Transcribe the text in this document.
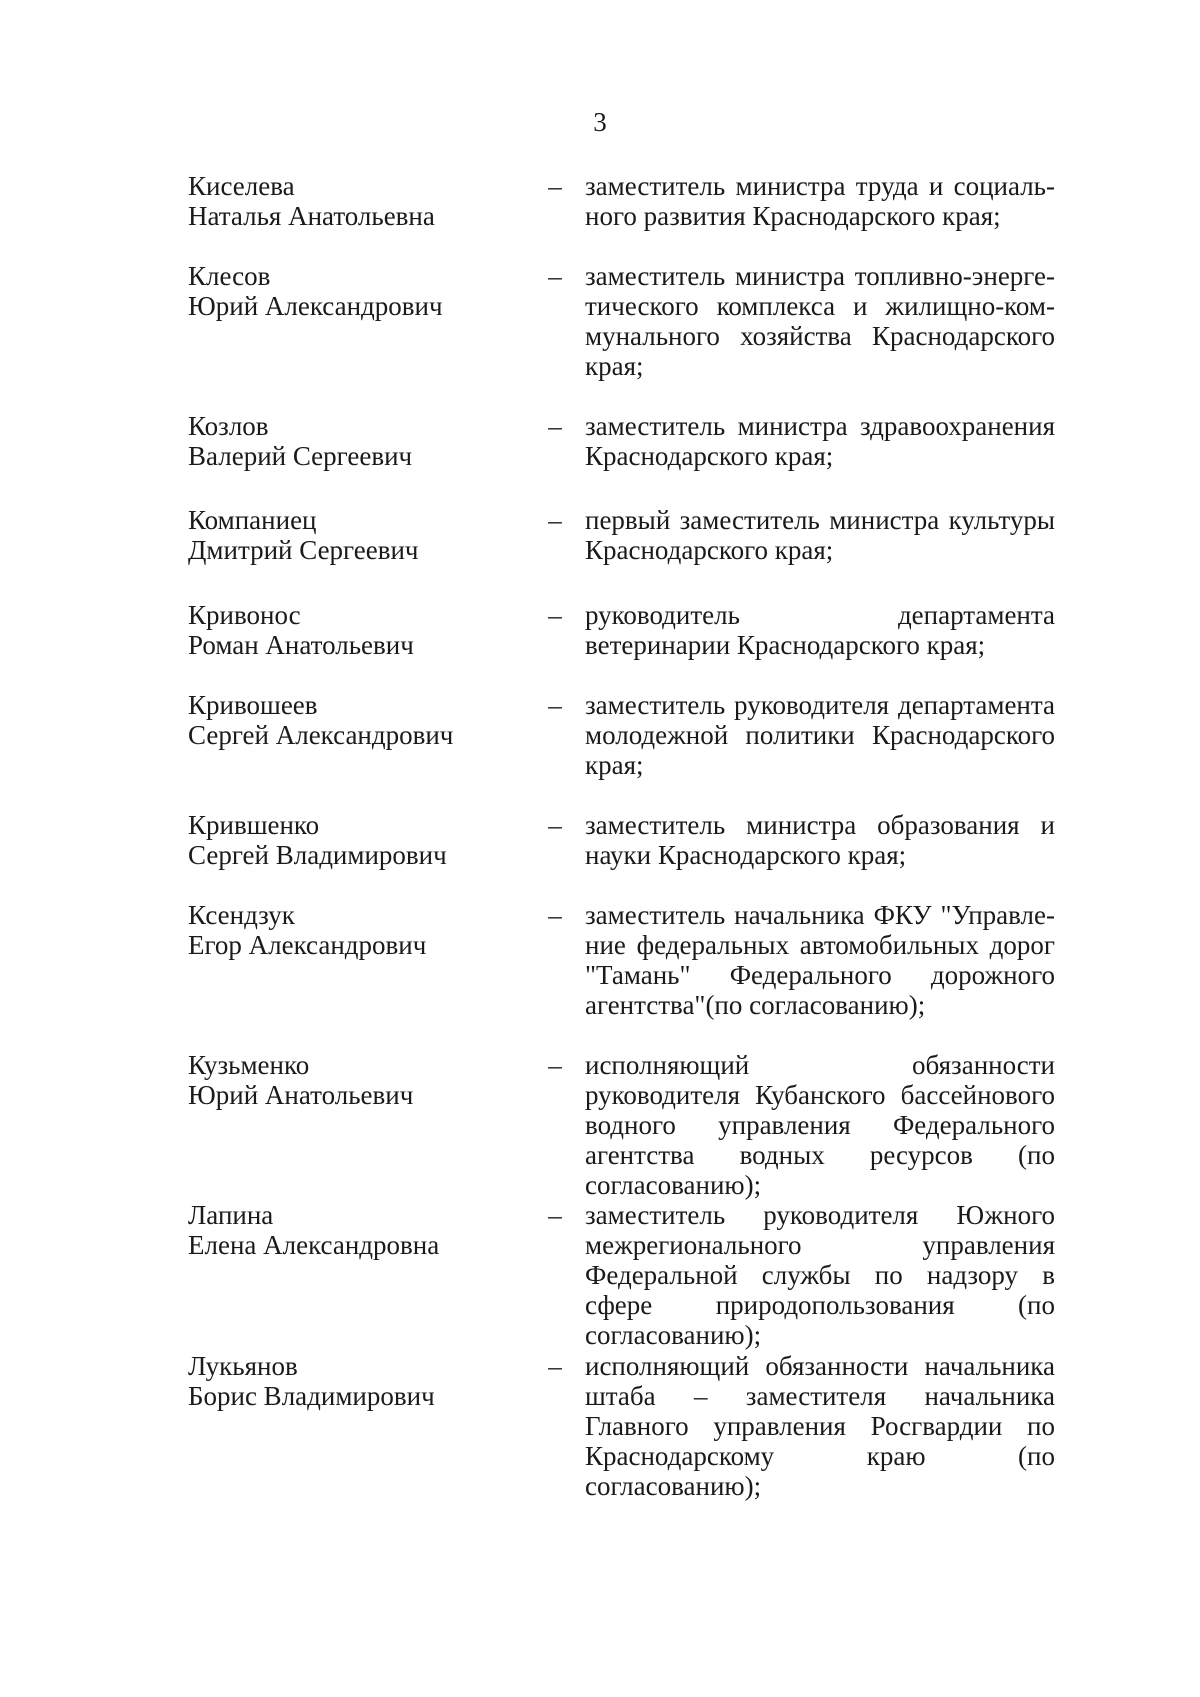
3
Киселева
Наталья Анатольевна
– заместитель министра труда и социального развития Краснодарского края;
Клесов
Юрий Александрович
– заместитель министра топливно-энергетического комплекса и жилищно-коммунального хозяйства Краснодарского края;
Козлов
Валерий Сергеевич
– заместитель министра здравоохранения Краснодарского края;
Компаниец
Дмитрий Сергеевич
– первый заместитель министра культуры Краснодарского края;
Кривонос
Роман Анатольевич
– руководитель департамента ветеринарии Краснодарского края;
Кривошеев
Сергей Александрович
– заместитель руководителя департамента молодежной политики Краснодарского края;
Крившенко
Сергей Владимирович
– заместитель министра образования и науки Краснодарского края;
Ксендзук
Егор Александрович
– заместитель начальника ФКУ "Управление федеральных автомобильных дорог "Тамань" Федерального дорожного агентства"(по согласованию);
Кузьменко
Юрий Анатольевич
– исполняющий обязанности руководителя Кубанского бассейнового водного управления Федерального агентства водных ресурсов (по согласованию);
Лапина
Елена Александровна
– заместитель руководителя Южного межрегионального управления Федеральной службы по надзору в сфере природопользования (по согласованию);
Лукьянов
Борис Владимирович
– исполняющий обязанности начальника штаба – заместителя начальника Главного управления Росгвардии по Краснодарскому краю (по согласованию);
